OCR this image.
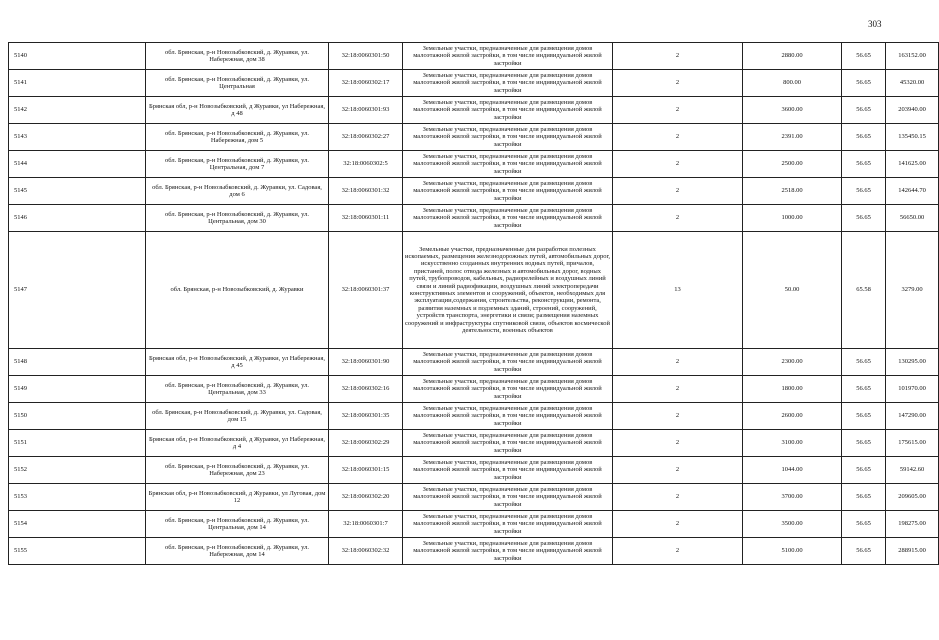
303
5140	обл. Брянская, р-н Новозыбковский, д. Журавки, ул. Набережная, дом 38	32:18:0060301:50	Земельные участки, предназначенные для размещения домов малоэтажной жилой застройки, в том числе индивидуальной жилой застройки	2	2880.00	56.65	163152.00
5141	обл. Брянская, р-н Новозыбковский, д. Журавки, ул. Центральная	32:18:0060302:17	Земельные участки, предназначенные для размещения домов малоэтажной жилой застройки, в том числе индивидуальной жилой застройки	2	800.00	56.65	45320.00
5142	Брянская обл, р-н Новозыбковский, д Журавки, ул Набережная, д 48	32:18:0060301:93	Земельные участки, предназначенные для размещения домов малоэтажной жилой застройки, в том числе индивидуальной жилой застройки	2	3600.00	56.65	203940.00
5143	обл. Брянская, р-н Новозыбковский, д. Журавки, ул. Набережная, дом 5	32:18:0060302:27	Земельные участки, предназначенные для размещения домов малоэтажной жилой застройки, в том числе индивидуальной жилой застройки	2	2391.00	56.65	135450.15
5144	обл. Брянская, р-н Новозыбковский, д. Журавки, ул. Центральная, дом 7	32:18:0060302:5	Земельные участки, предназначенные для размещения домов малоэтажной жилой застройки, в том числе индивидуальной жилой застройки	2	2500.00	56.65	141625.00
5145	обл. Брянская, р-н Новозыбковский, д. Журавки, ул. Садовая, дом 6	32:18:0060301:32	Земельные участки, предназначенные для размещения домов малоэтажной жилой застройки, в том числе индивидуальной жилой застройки	2	2518.00	56.65	142644.70
5146	обл. Брянская, р-н Новозыбковский, д. Журавки, ул. Центральная, дом 30	32:18:0060301:11	Земельные участки, предназначенные для размещения домов малоэтажной жилой застройки, в том числе индивидуальной жилой застройки	2	1000.00	56.65	56650.00
5147	обл. Брянская, р-н Новозыбковский, д. Журавки	32:18:0060301:37	Земельные участки, предназначенные для разработки полезных ископаемых, размещения железнодорожных путей, автомобильных дорог, искусственно созданных внутренних водных путей, причалов, пристаней, полос отвода железных и автомобильных дорог, водных путей, трубопроводов, кабельных, радиорелейных и воздушных линий связи и линий радиофикации, воздушных линий электропередачи конструктивных элементов и сооружений, объектов, необходимых для эксплуатации,содержания, строительства, реконструкции, ремонта, развития наземных и подземных зданий, строений, сооружений, устройств транспорта, энергетики и связи; размещения наземных сооружений и инфраструктуры спутниковой связи, объектов космической деятельности, военных объектов	13	50.00	65.58	3279.00
5148	Брянская обл, р-н Новозыбковский, д Журавки, ул Набережная, д 45	32:18:0060301:90	Земельные участки, предназначенные для размещения домов малоэтажной жилой застройки, в том числе индивидуальной жилой застройки	2	2300.00	56.65	130295.00
5149	обл. Брянская, р-н Новозыбковский, д. Журавки, ул. Центральная, дом 33	32:18:0060302:16	Земельные участки, предназначенные для размещения домов малоэтажной жилой застройки, в том числе индивидуальной жилой застройки	2	1800.00	56.65	101970.00
5150	обл. Брянская, р-н Новозыбковский, д. Журавки, ул. Садовая, дом 15	32:18:0060301:35	Земельные участки, предназначенные для размещения домов малоэтажной жилой застройки, в том числе индивидуальной жилой застройки	2	2600.00	56.65	147290.00
5151	Брянская обл, р-н Новозыбковский, д Журавки, ул Набережная, д 4	32:18:0060302:29	Земельные участки, предназначенные для размещения домов малоэтажной жилой застройки, в том числе индивидуальной жилой застройки	2	3100.00	56.65	175615.00
5152	обл. Брянская, р-н Новозыбковский, д. Журавки, ул. Набережная, дом 23	32:18:0060301:15	Земельные участки, предназначенные для размещения домов малоэтажной жилой застройки, в том числе индивидуальной жилой застройки	2	1044.00	56.65	59142.60
5153	Брянская обл, р-н Новозыбковский, д Журавки, ул Луговая, дом 12	32:18:0060302:20	Земельные участки, предназначенные для размещения домов малоэтажной жилой застройки, в том числе индивидуальной жилой застройки	2	3700.00	56.65	209605.00
5154	обл. Брянская, р-н Новозыбковский, д. Журавки, ул. Центральная, дом 14	32:18:0060301:7	Земельные участки, предназначенные для размещения домов малоэтажной жилой застройки, в том числе индивидуальной жилой застройки	2	3500.00	56.65	198275.00
5155	обл. Брянская, р-н Новозыбковский, д. Журавки, ул. Набережная, дом 14	32:18:0060302:32	Земельные участки, предназначенные для размещения домов малоэтажной жилой застройки, в том числе индивидуальной жилой застройки	2	5100.00	56.65	288915.00
